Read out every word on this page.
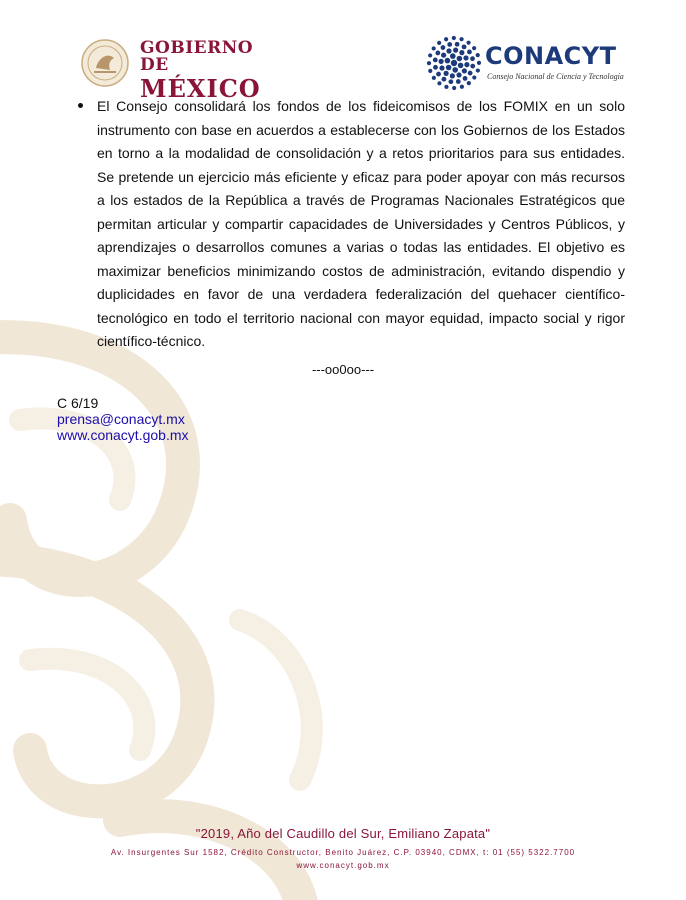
GOBIERNO DE
MÉXICO
CONACYT
Consejo Nacional de Ciencia y Tecnología

El Consejo consolidará los fondos de los fideicomisos de los FOMIX en un solo instrumento con base en acuerdos a establecerse con los Gobiernos de los Estados en torno a la modalidad de consolidación y a retos prioritarios para sus entidades. Se pretende un ejercicio más eficiente y eficaz para poder apoyar con más recursos a los estados de la República a través de Programas Nacionales Estratégicos que permitan articular y compartir capacidades de Universidades y Centros Públicos, y aprendizajes o desarrollos comunes a varias o todas las entidades. El objetivo es maximizar beneficios minimizando costos de administración, evitando dispendio y duplicidades en favor de una verdadera federalización del quehacer científico-tecnológico en todo el territorio nacional con mayor equidad, impacto social y rigor científico-técnico.

---oo0oo---
C 6/19
prensa@conacyt.mx
www.conacyt.gob.mx
"2019, Año del Caudillo del Sur, Emiliano Zapata"
Av. Insurgentes Sur 1582, Crédito Constructor, Benito Juárez, C.P. 03940, CDMX, t: 01 (55) 5322.7700
www.conacyt.gob.mx
